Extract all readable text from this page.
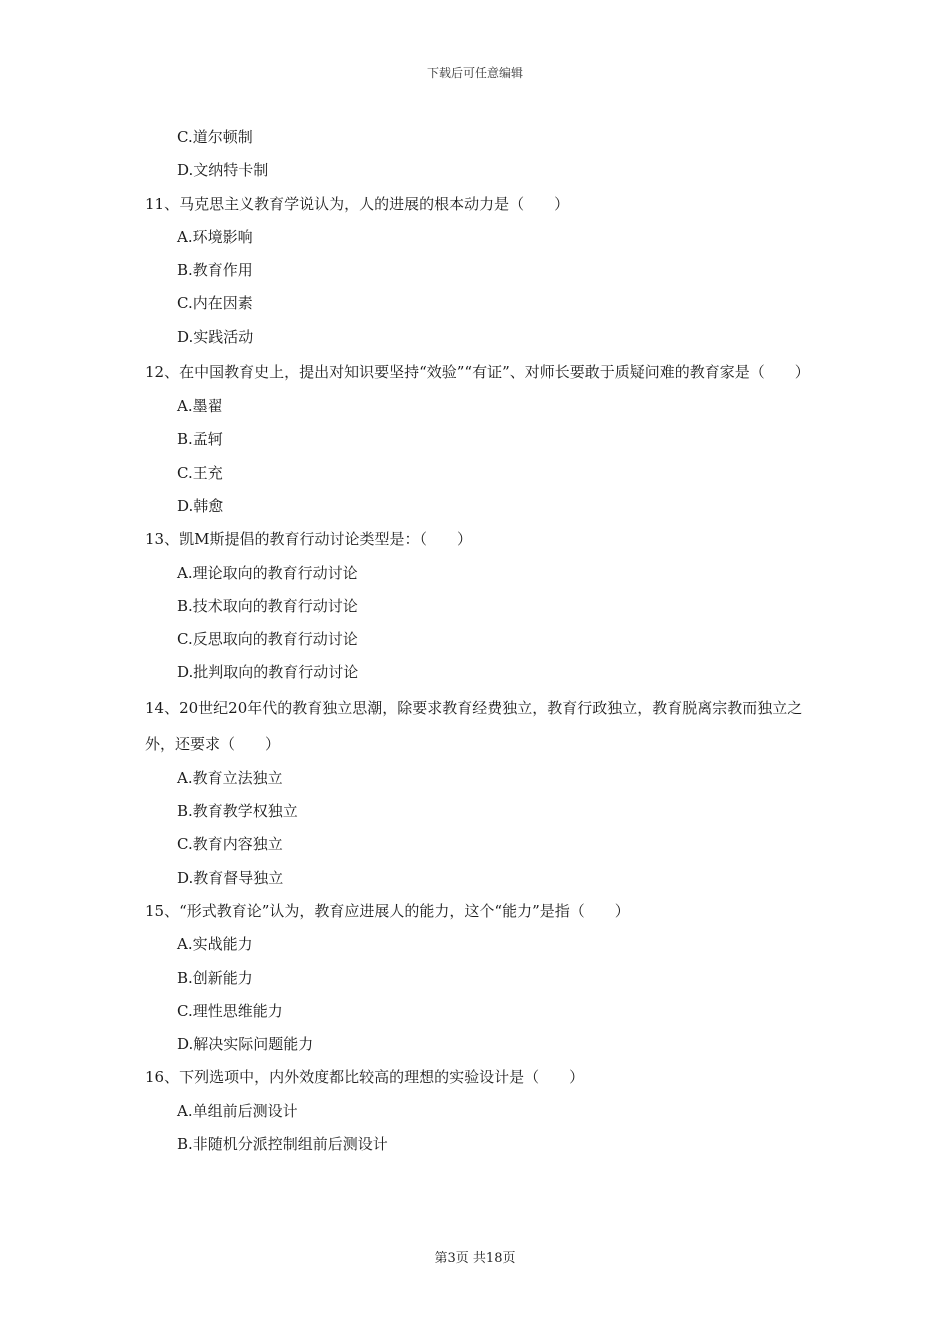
下载后可任意编辑
C.道尔顿制
D.文纳特卡制
11、马克思主义教育学说认为，人的进展的根本动力是（　　）
A.环境影响
B.教育作用
C.内在因素
D.实践活动
12、在中国教育史上，提出对知识要坚持“效验”“有证”、对师长要敢于质疑问难的教育家是（　　）
A.墨翟
B.孟轲
C.王充
D.韩愈
13、凯М斯提倡的教育行动讨论类型是：（　　）
A.理论取向的教育行动讨论
B.技术取向的教育行动讨论
C.反思取向的教育行动讨论
D.批判取向的教育行动讨论
14、20世纪20年代的教育独立思潮，除要求教育经费独立，教育行政独立，教育脱离宗教而独立之外，还要求（　　）
A.教育立法独立
B.教育教学权独立
C.教育内容独立
D.教育督导独立
15、“形式教育论”认为，教育应进展人的能力，这个“能力”是指（　　）
A.实战能力
B.创新能力
C.理性思维能力
D.解决实际问题能力
16、下列选项中，内外效度都比较高的理想的实验设计是（　　）
A.单组前后测设计
B.非随机分派控制组前后测设计
第3页 共18页
